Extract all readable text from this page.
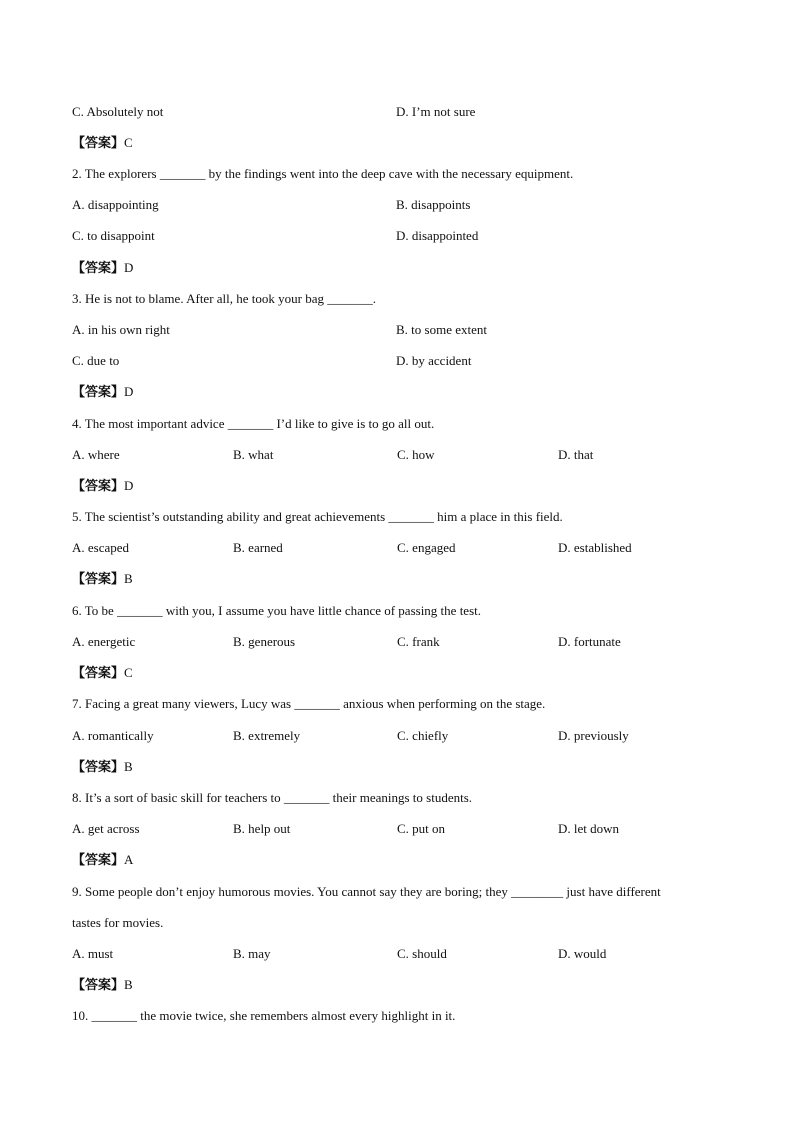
C. Absolutely not	D. I’m not sure
【答案】C
2. The explorers _______ by the findings went into the deep cave with the necessary equipment.
A. disappointing	B. disappoints
C. to disappoint	D. disappointed
【答案】D
3. He is not to blame. After all, he took your bag _______.
A. in his own right	B. to some extent
C. due to	D. by accident
【答案】D
4. The most important advice _______ I’d like to give is to go all out.
A. where	B. what	C. how	D. that
【答案】D
5. The scientist’s outstanding ability and great achievements _______ him a place in this field.
A. escaped	B. earned	C. engaged	D. established
【答案】B
6. To be _______ with you, I assume you have little chance of passing the test.
A. energetic	B. generous	C. frank	D. fortunate
【答案】C
7. Facing a great many viewers, Lucy was _______ anxious when performing on the stage.
A. romantically	B. extremely	C. chiefly	D. previously
【答案】B
8. It’s a sort of basic skill for teachers to _______ their meanings to students.
A. get across	B. help out	C. put on	D. let down
【答案】A
9. Some people don’t enjoy humorous movies. You cannot say they are boring; they ________ just have different
tastes for movies.
A. must	B. may	C. should	D. would
【答案】B
10. _______ the movie twice, she remembers almost every highlight in it.
